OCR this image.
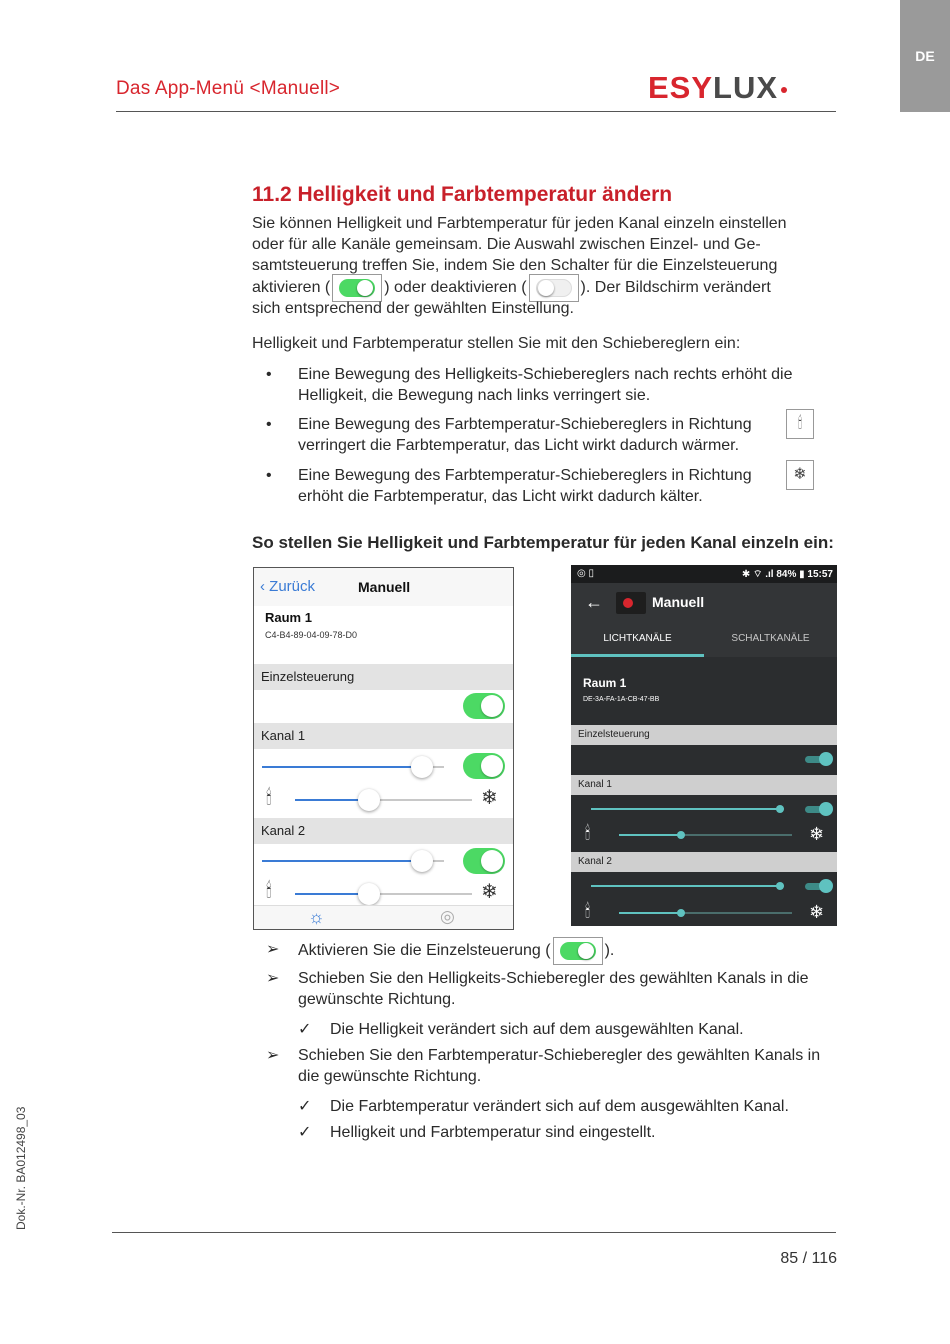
DE
Das App-Menü <Manuell>	ESYLUX
11.2 Helligkeit und Farbtemperatur ändern
Sie können Helligkeit und Farbtemperatur für jeden Kanal einzeln einstellen
oder für alle Kanäle gemeinsam. Die Auswahl zwischen Einzel- und Ge-
samtsteuerung treffen Sie, indem Sie den Schalter für die Einzelsteuerung
aktivieren (	) oder deaktivieren (	). Der Bildschirm verändert
sich entsprechend der gewählten Einstellung.
Helligkeit und Farbtemperatur stellen Sie mit den Schiebereglern ein:
• Eine Bewegung des Helligkeits-Schiebereglers nach rechts erhöht die Helligkeit, die Bewegung nach links verringert sie.
• Eine Bewegung des Farbtemperatur-Schiebereglers in Richtung verringert die Farbtemperatur, das Licht wirkt dadurch wärmer.
🕯
• Eine Bewegung des Farbtemperatur-Schiebereglers in Richtung erhöht die Farbtemperatur, das Licht wirkt dadurch kälter.
❄
So stellen Sie Helligkeit und Farbtemperatur für jeden Kanal einzeln ein:
‹ Zurück	Manuell
Raum 1
C4-B4-89-04-09-78-D0
Einzelsteuerung
Kanal 1
🕯	❄
Kanal 2
🕯	❄
☼	◎
◎ ▯	✱ ⌔ .ıl 84% ▮ 15:57
←	Manuell
LICHTKANÄLE	SCHALTKANÄLE
Raum 1
DE-3A-FA-1A-CB-47-BB
Einzelsteuerung
Kanal 1
🕯	❄
Kanal 2
🕯	❄
➢ Aktivieren Sie die Einzelsteuerung (	).
➢ Schieben Sie den Helligkeits-Schieberegler des gewählten Kanals in die gewünschte Richtung.
✓ Die Helligkeit verändert sich auf dem ausgewählten Kanal.
➢ Schieben Sie den Farbtemperatur-Schieberegler des gewählten Kanals in die gewünschte Richtung.
✓ Die Farbtemperatur verändert sich auf dem ausgewählten Kanal.
✓ Helligkeit und Farbtemperatur sind eingestellt.
Dok.-Nr. BA012498_03
85 / 116
